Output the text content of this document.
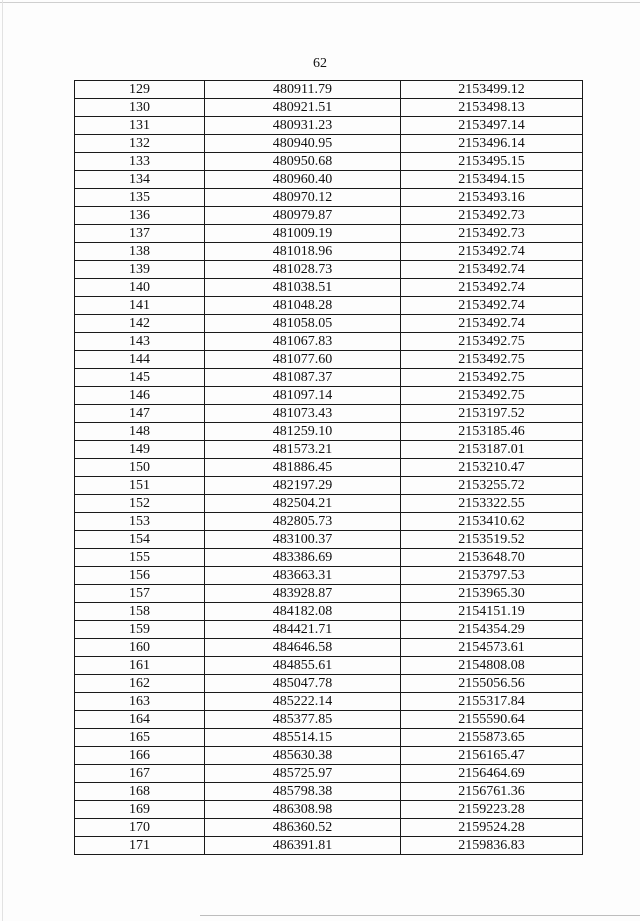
62
129	480911.79	2153499.12
130	480921.51	2153498.13
131	480931.23	2153497.14
132	480940.95	2153496.14
133	480950.68	2153495.15
134	480960.40	2153494.15
135	480970.12	2153493.16
136	480979.87	2153492.73
137	481009.19	2153492.73
138	481018.96	2153492.74
139	481028.73	2153492.74
140	481038.51	2153492.74
141	481048.28	2153492.74
142	481058.05	2153492.74
143	481067.83	2153492.75
144	481077.60	2153492.75
145	481087.37	2153492.75
146	481097.14	2153492.75
147	481073.43	2153197.52
148	481259.10	2153185.46
149	481573.21	2153187.01
150	481886.45	2153210.47
151	482197.29	2153255.72
152	482504.21	2153322.55
153	482805.73	2153410.62
154	483100.37	2153519.52
155	483386.69	2153648.70
156	483663.31	2153797.53
157	483928.87	2153965.30
158	484182.08	2154151.19
159	484421.71	2154354.29
160	484646.58	2154573.61
161	484855.61	2154808.08
162	485047.78	2155056.56
163	485222.14	2155317.84
164	485377.85	2155590.64
165	485514.15	2155873.65
166	485630.38	2156165.47
167	485725.97	2156464.69
168	485798.38	2156761.36
169	486308.98	2159223.28
170	486360.52	2159524.28
171	486391.81	2159836.83
